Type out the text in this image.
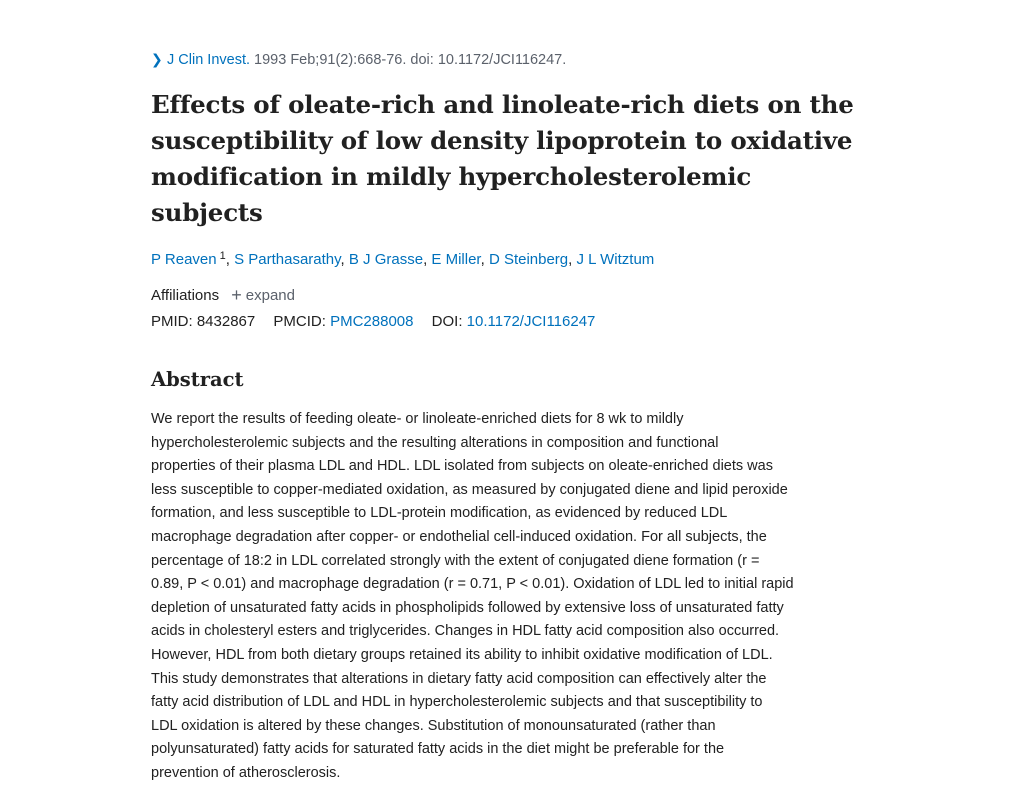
❯ J Clin Invest. 1993 Feb;91(2):668-76. doi: 10.1172/JCI116247.
Effects of oleate-rich and linoleate-rich diets on the
susceptibility of low density lipoprotein to oxidative
modification in mildly hypercholesterolemic subjects
P Reaven $^1$, S Parthasarathy, B J Grasse, E Miller, D Steinberg, J L Witztum
Affiliations + expand
PMID: 8432867 PMCID: PMC288008 DOI: 10.1172/JCI116247
Abstract
We report the results of feeding oleate- or linoleate-enriched diets for 8 wk to mildly
hypercholesterolemic subjects and the resulting alterations in composition and functional
properties of their plasma LDL and HDL. LDL isolated from subjects on oleate-enriched diets was
less susceptible to copper-mediated oxidation, as measured by conjugated diene and lipid peroxide
formation, and less susceptible to LDL-protein modification, as evidenced by reduced LDL
macrophage degradation after copper- or endothelial cell-induced oxidation. For all subjects, the
percentage of 18:2 in LDL correlated strongly with the extent of conjugated diene formation (r =
0.89, P < 0.01) and macrophage degradation (r = 0.71, P < 0.01). Oxidation of LDL led to initial rapid
depletion of unsaturated fatty acids in phospholipids followed by extensive loss of unsaturated fatty
acids in cholesteryl esters and triglycerides. Changes in HDL fatty acid composition also occurred.
However, HDL from both dietary groups retained its ability to inhibit oxidative modification of LDL.
This study demonstrates that alterations in dietary fatty acid composition can effectively alter the
fatty acid distribution of LDL and HDL in hypercholesterolemic subjects and that susceptibility to
LDL oxidation is altered by these changes. Substitution of monounsaturated (rather than
polyunsaturated) fatty acids for saturated fatty acids in the diet might be preferable for the
prevention of atherosclerosis.
